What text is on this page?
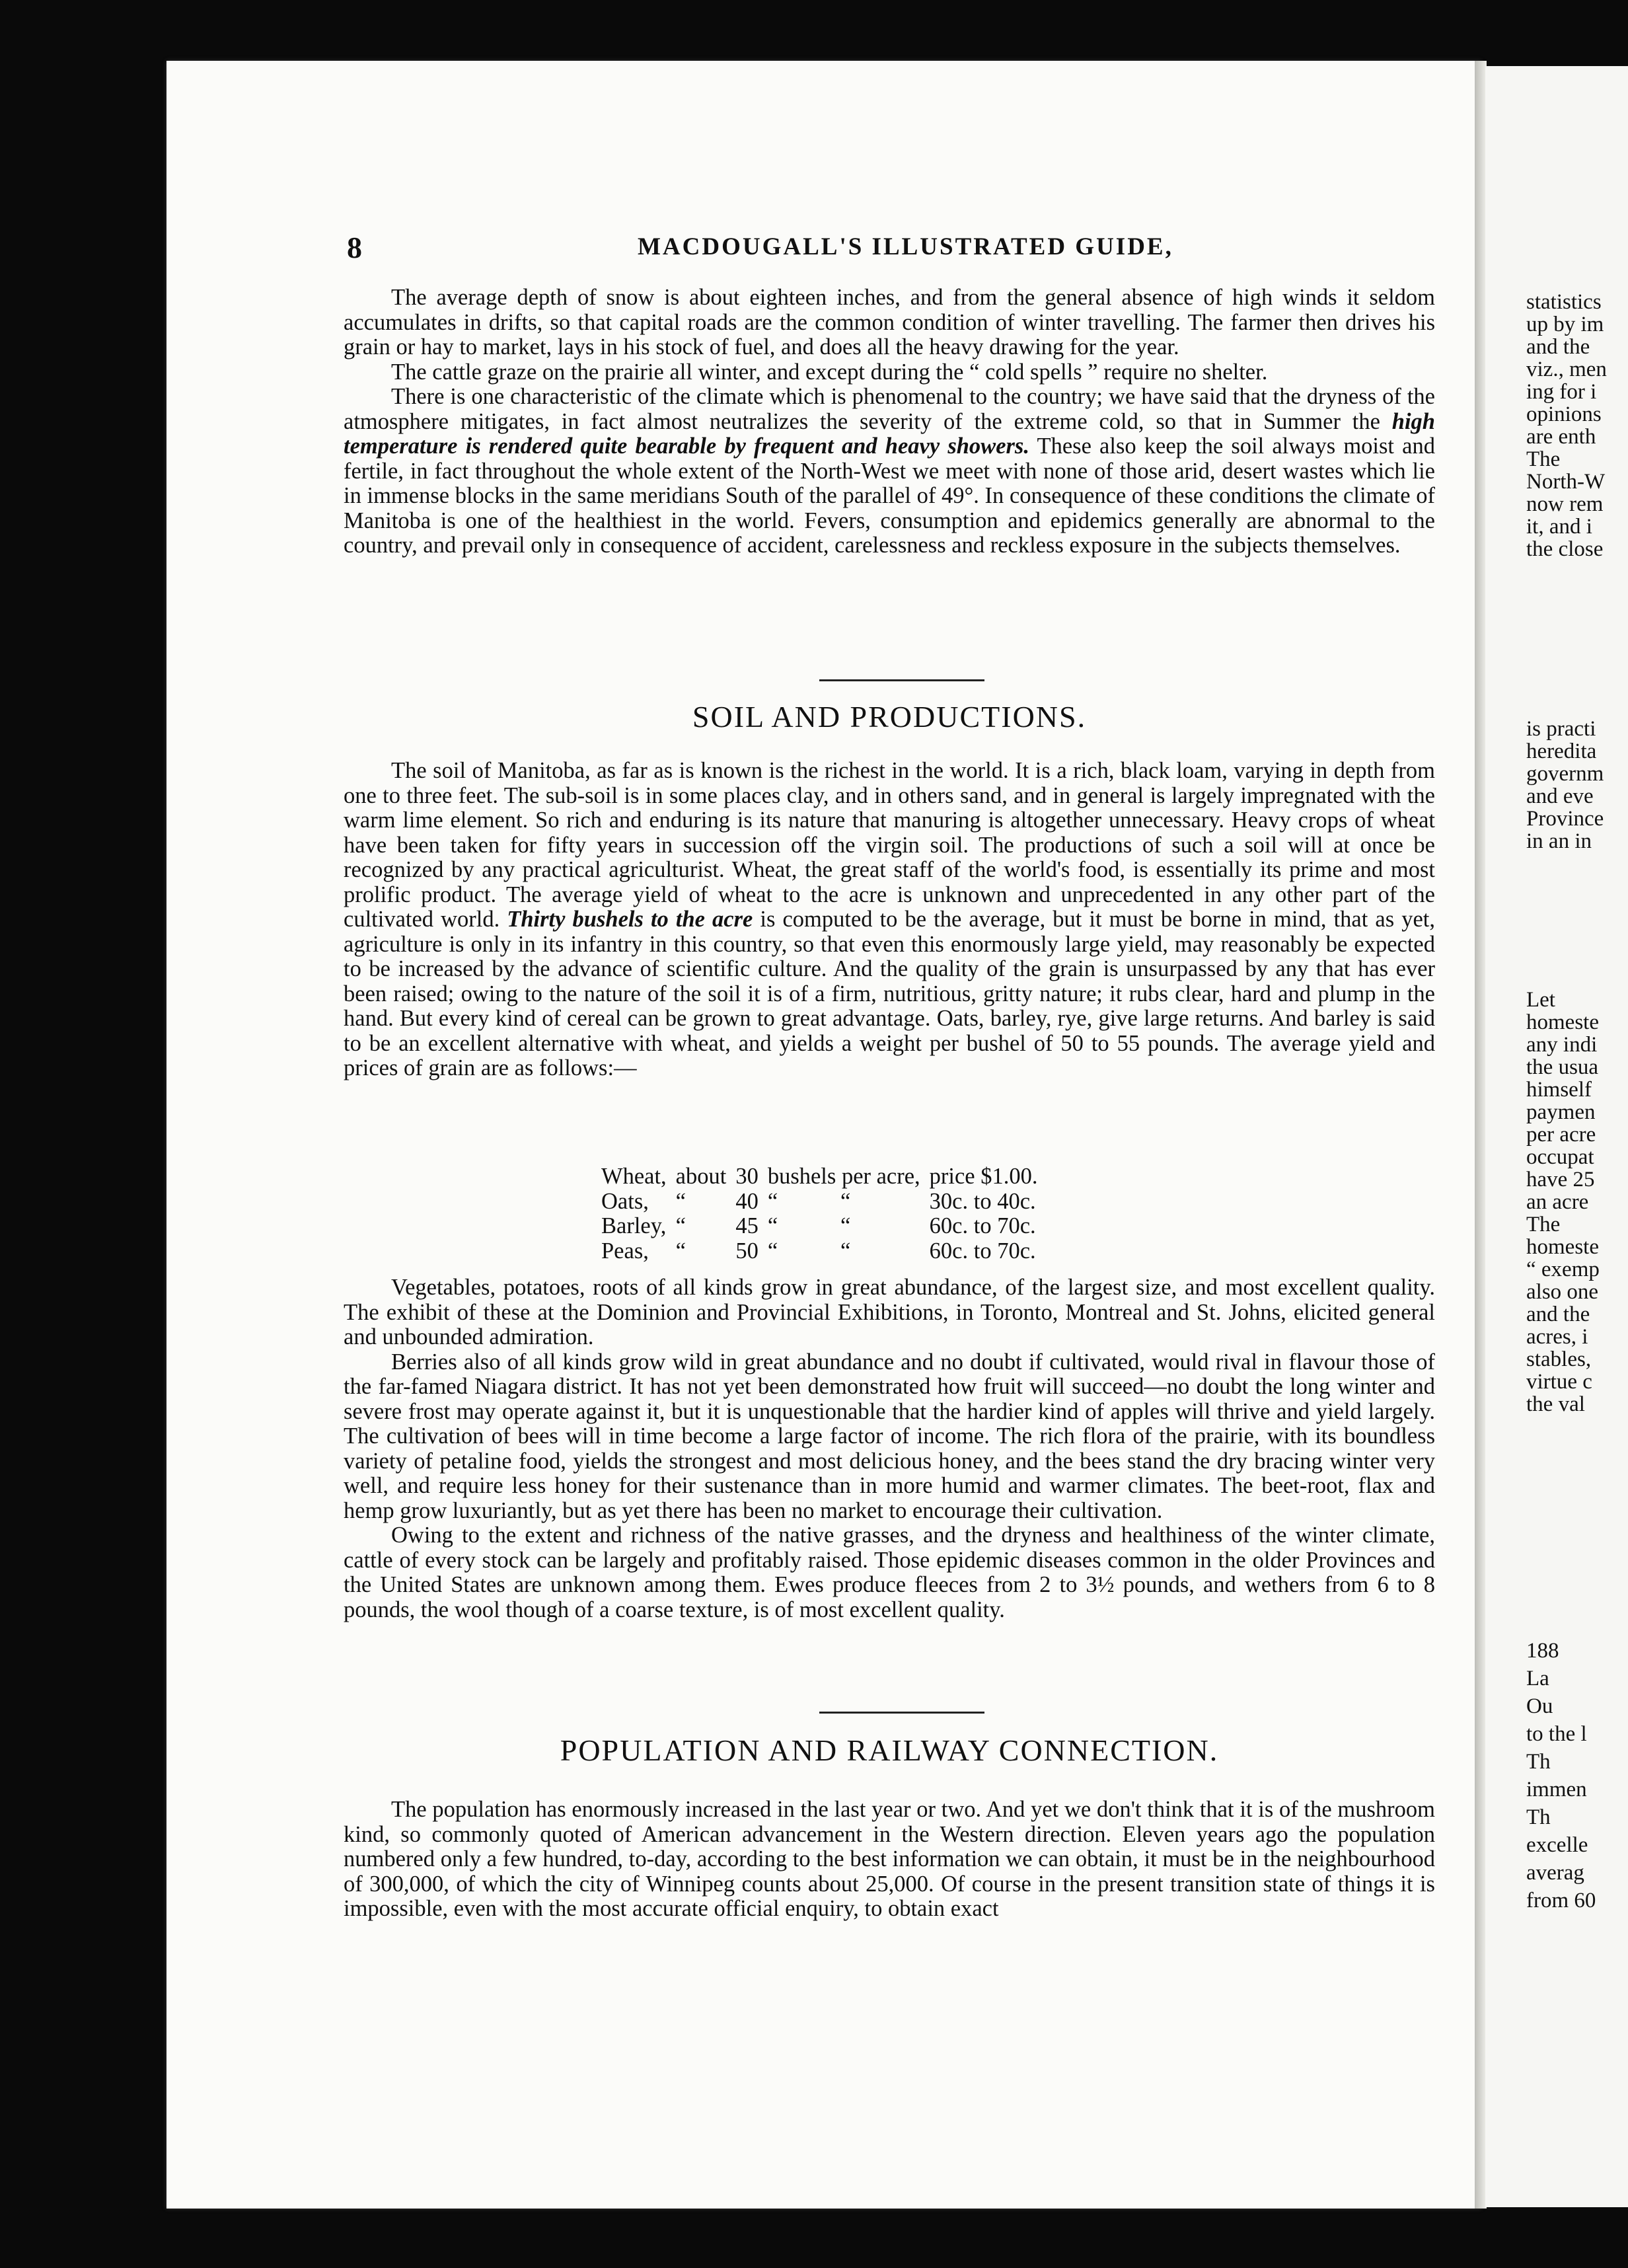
8	MACDOUGALL'S ILLUSTRATED GUIDE,

The average depth of snow is about eighteen inches, and from the general absence of high winds it seldom accumulates in drifts, so that capital roads are the common condition of winter travelling. The farmer then drives his grain or hay to market, lays in his stock of fuel, and does all the heavy drawing for the year.

The cattle graze on the prairie all winter, and except during the “ cold spells ” require no shelter.

There is one characteristic of the climate which is phenomenal to the country; we have said that the dryness of the atmosphere mitigates, in fact almost neutralizes the severity of the extreme cold, so that in Summer the high temperature is rendered quite bearable by frequent and heavy showers. These also keep the soil always moist and fertile, in fact throughout the whole extent of the North-West we meet with none of those arid, desert wastes which lie in immense blocks in the same meridians South of the parallel of 49°. In consequence of these conditions the climate of Manitoba is one of the healthiest in the world. Fevers, consumption and epidemics generally are abnormal to the country, and prevail only in consequence of accident, carelessness and reckless exposure in the subjects themselves.

SOIL AND PRODUCTIONS.

The soil of Manitoba, as far as is known is the richest in the world. It is a rich, black loam, varying in depth from one to three feet. The sub-soil is in some places clay, and in others sand, and in general is largely impregnated with the warm lime element. So rich and enduring is its nature that manuring is altogether unnecessary. Heavy crops of wheat have been taken for fifty years in succession off the virgin soil. The productions of such a soil will at once be recognized by any practical agriculturist. Wheat, the great staff of the world's food, is essentially its prime and most prolific product. The average yield of wheat to the acre is unknown and unprecedented in any other part of the cultivated world. Thirty bushels to the acre is computed to be the average, but it must be borne in mind, that as yet, agriculture is only in its infantry in this country, so that even this enormously large yield, may reasonably be expected to be increased by the advance of scientific culture. And the quality of the grain is unsurpassed by any that has ever been raised; owing to the nature of the soil it is of a firm, nutritious, gritty nature; it rubs clear, hard and plump in the hand. But every kind of cereal can be grown to great advantage. Oats, barley, rye, give large returns. And barley is said to be an excellent alternative with wheat, and yields a weight per bushel of 50 to 55 pounds. The average yield and prices of grain are as follows:—

Wheat,	about	30	bushels per acre,	price $1.00.
Oats,	“	40	“ “	30c. to 40c.
Barley,	“	45	“ “	60c. to 70c.
Peas,	“	50	“ “	60c. to 70c.

Vegetables, potatoes, roots of all kinds grow in great abundance, of the largest size, and most excellent quality. The exhibit of these at the Dominion and Provincial Exhibitions, in Toronto, Montreal and St. Johns, elicited general and unbounded admiration.

Berries also of all kinds grow wild in great abundance and no doubt if cultivated, would rival in flavour those of the far-famed Niagara district. It has not yet been demonstrated how fruit will succeed—no doubt the long winter and severe frost may operate against it, but it is unquestionable that the hardier kind of apples will thrive and yield largely. The cultivation of bees will in time become a large factor of income. The rich flora of the prairie, with its boundless variety of petaline food, yields the strongest and most delicious honey, and the bees stand the dry bracing winter very well, and require less honey for their sustenance than in more humid and warmer climates. The beet-root, flax and hemp grow luxuriantly, but as yet there has been no market to encourage their cultivation.

Owing to the extent and richness of the native grasses, and the dryness and healthiness of the winter climate, cattle of every stock can be largely and profitably raised. Those epidemic diseases common in the older Provinces and the United States are unknown among them. Ewes produce fleeces from 2 to 3½ pounds, and wethers from 6 to 8 pounds, the wool though of a coarse texture, is of most excellent quality.

POPULATION AND RAILWAY CONNECTION.

The population has enormously increased in the last year or two. And yet we don't think that it is of the mushroom kind, so commonly quoted of American advancement in the Western direction. Eleven years ago the population numbered only a few hundred, to-day, according to the best information we can obtain, it must be in the neighbourhood of 300,000, of which the city of Winnipeg counts about 25,000. Of course in the present transition state of things it is impossible, even with the most accurate official enquiry, to obtain exact

statistics
up by im
and the
viz., men
ing for i
opinions
are enth
The
North-W
now rem
it, and i
the close
is practi
heredita
governm
and eve
Province
in an in
Let
homeste
any indi
the usua
himself
paymen
per acre
occupat
have 25
an acre
The
homeste
“ exemp
also one
and the
acres, i
stables,
virtue c
the val
188
La
Ou
to the l
Th
immen
Th
excelle
averag
from 60
